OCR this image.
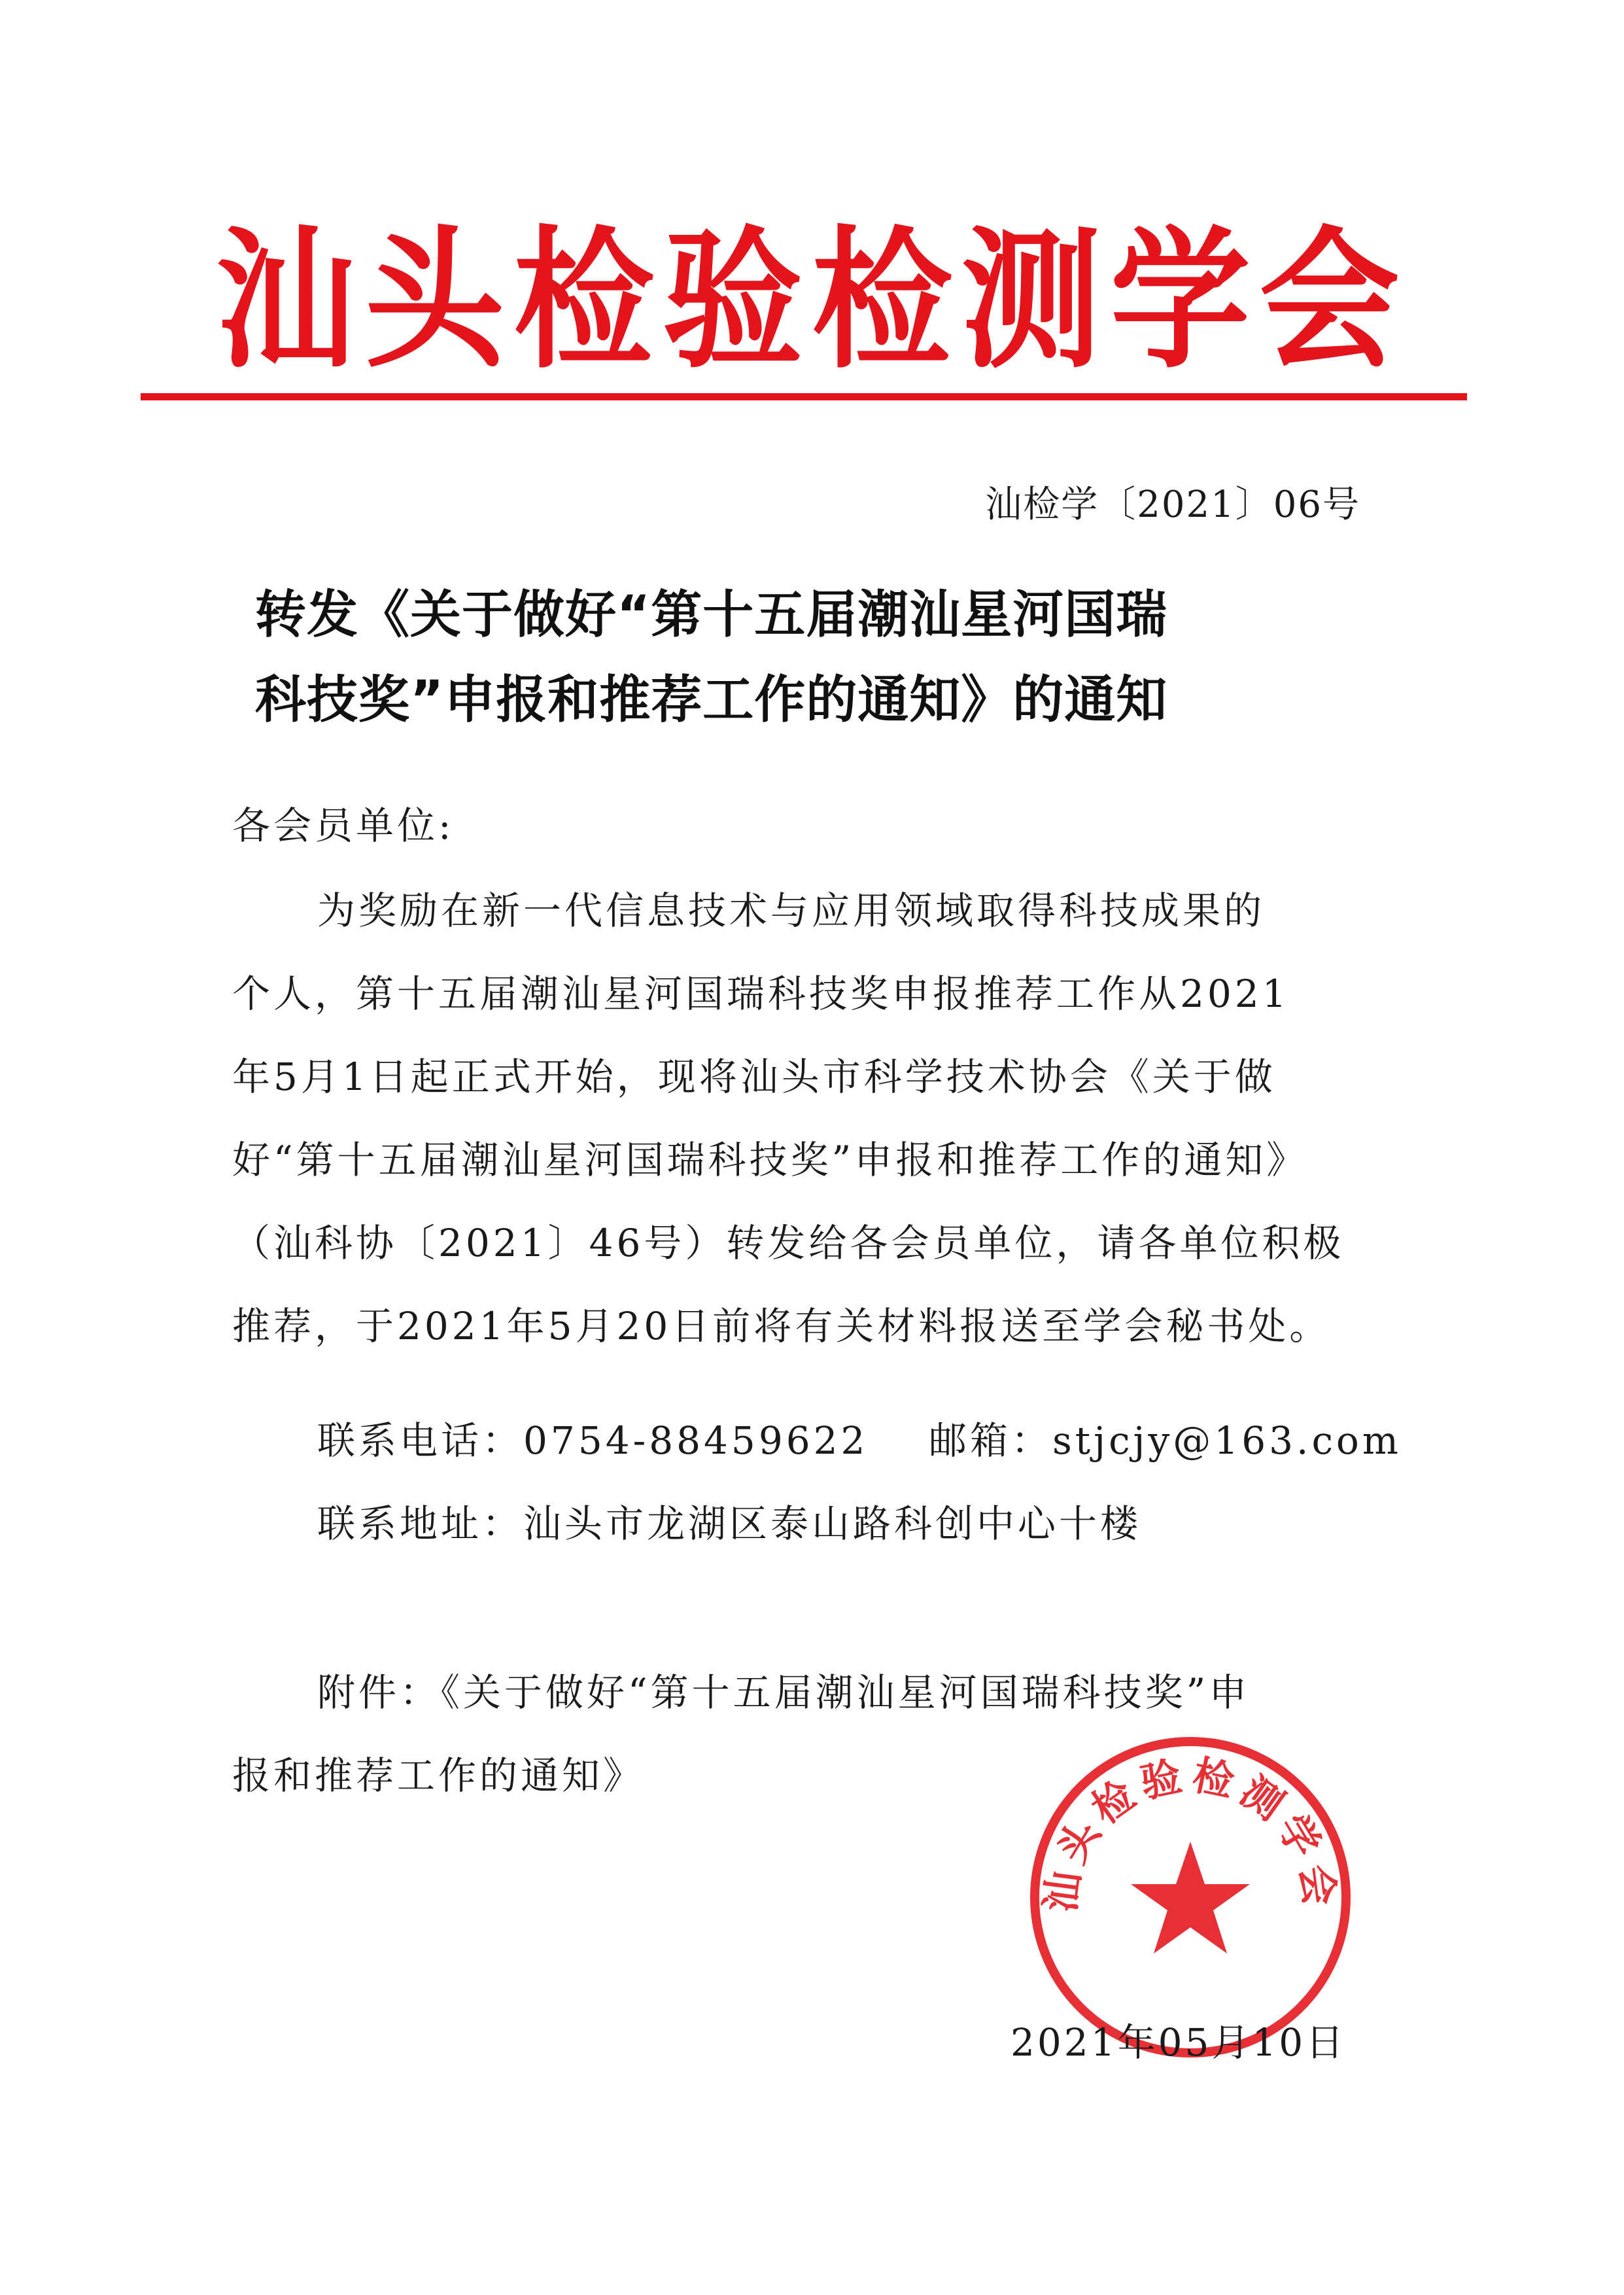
汕头检验检测学会
汕检学〔2021〕06号
转发《关于做好“第十五届潮汕星河国瑞
科技奖”申报和推荐工作的通知》的通知
各会员单位:
为奖励在新一代信息技术与应用领域取得科技成果的
个人，第十五届潮汕星河国瑞科技奖申报推荐工作从2021
年5月1日起正式开始，现将汕头市科学技术协会《关于做
好“第十五届潮汕星河国瑞科技奖”申报和推荐工作的通知》
（汕科协〔2021〕46号）转发给各会员单位，请各单位积极
推荐，于2021年5月20日前将有关材料报送至学会秘书处。
联系电话：0754-88459622 邮箱：stjcjy@163.com
联系地址：汕头市龙湖区泰山路科创中心十楼
附件：《关于做好“第十五届潮汕星河国瑞科技奖”申
报和推荐工作的通知》
汕头检验检测学会
2021年05月10日
